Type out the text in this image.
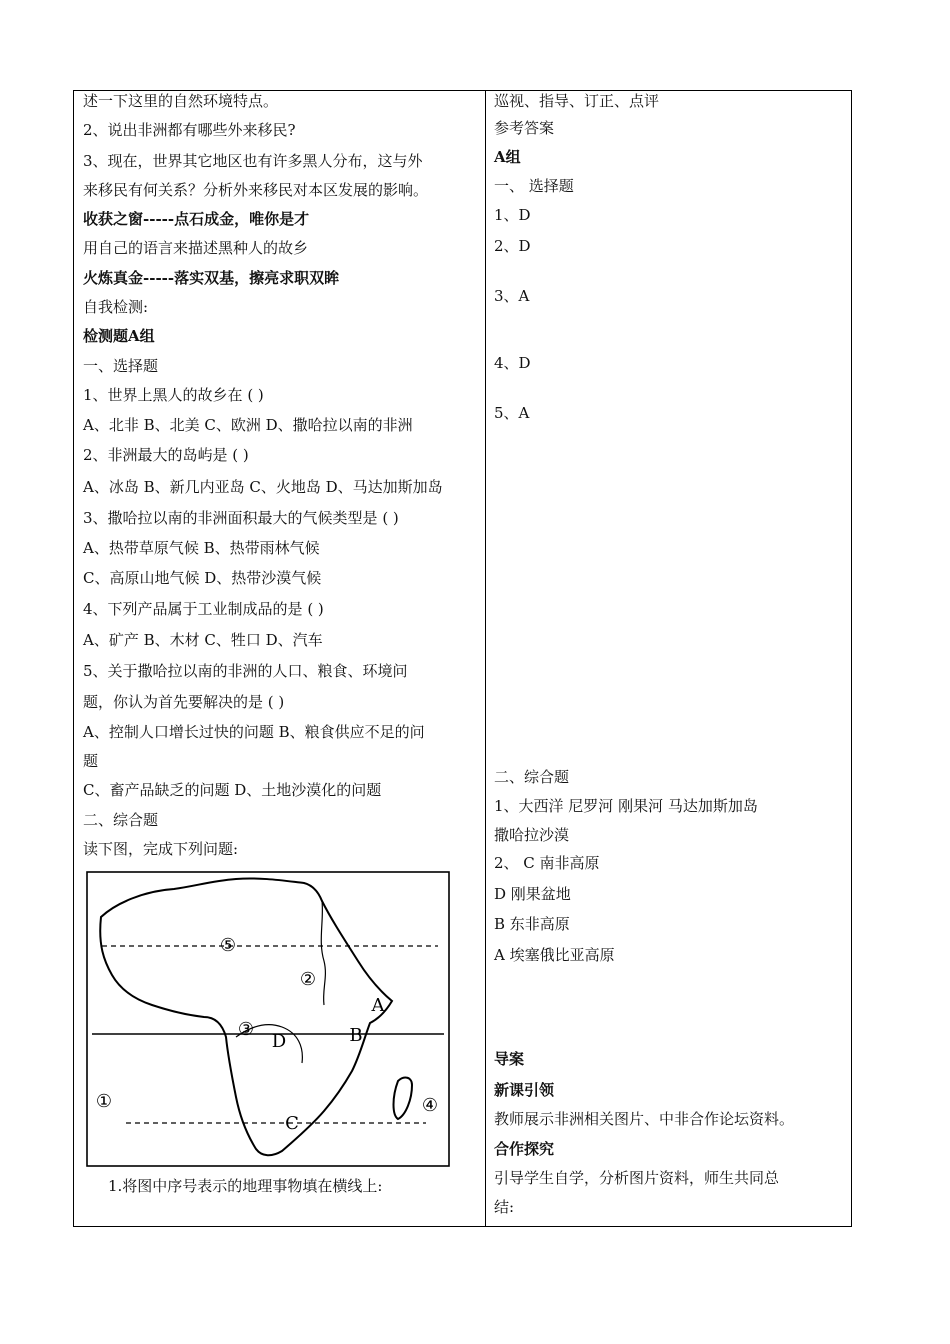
述一下这里的自然环境特点。
2、说出非洲都有哪些外来移民?
3、现在，世界其它地区也有许多黑人分布，这与外
来移民有何关系？分析外来移民对本区发展的影响。
收获之窗-----点石成金，唯你是才
用自己的语言来描述黑种人的故乡
火炼真金-----落实双基，擦亮求职双眸
自我检测:
检测题A组
一、选择题
1、世界上黑人的故乡在 ( )
A、北非 B、北美 C、欧洲 D、撒哈拉以南的非洲
2、非洲最大的岛屿是 ( )
A、冰岛 B、新几内亚岛 C、火地岛 D、马达加斯加岛
3、撒哈拉以南的非洲面积最大的气候类型是 ( )
A、热带草原气候 B、热带雨林气候
C、高原山地气候 D、热带沙漠气候
4、下列产品属于工业制成品的是 ( )
A、矿产 B、木材 C、牲口 D、汽车
5、关于撒哈拉以南的非洲的人口、粮食、环境问
题，你认为首先要解决的是 ( )
A、控制人口增长过快的问题 B、粮食供应不足的问
题
C、畜产品缺乏的问题 D、土地沙漠化的问题
二、综合题
读下图，完成下列问题:
巡视、指导、订正、点评
参考答案
A组
一、 选择题
1、D
2、D
3、A
4、D
5、A
二、综合题
1、大西洋 尼罗河 刚果河 马达加斯加岛
撒哈拉沙漠
2、 C 南非高原
D 刚果盆地
B 东非高原
A 埃塞俄比亚高原
导案
新课引领
教师展示非洲相关图片、中非合作论坛资料。
合作探究
引导学生自学，分析图片资料，师生共同总
结:
⑤
②
③
A
B
D
①
C
④
1.将图中序号表示的地理事物填在横线上:
